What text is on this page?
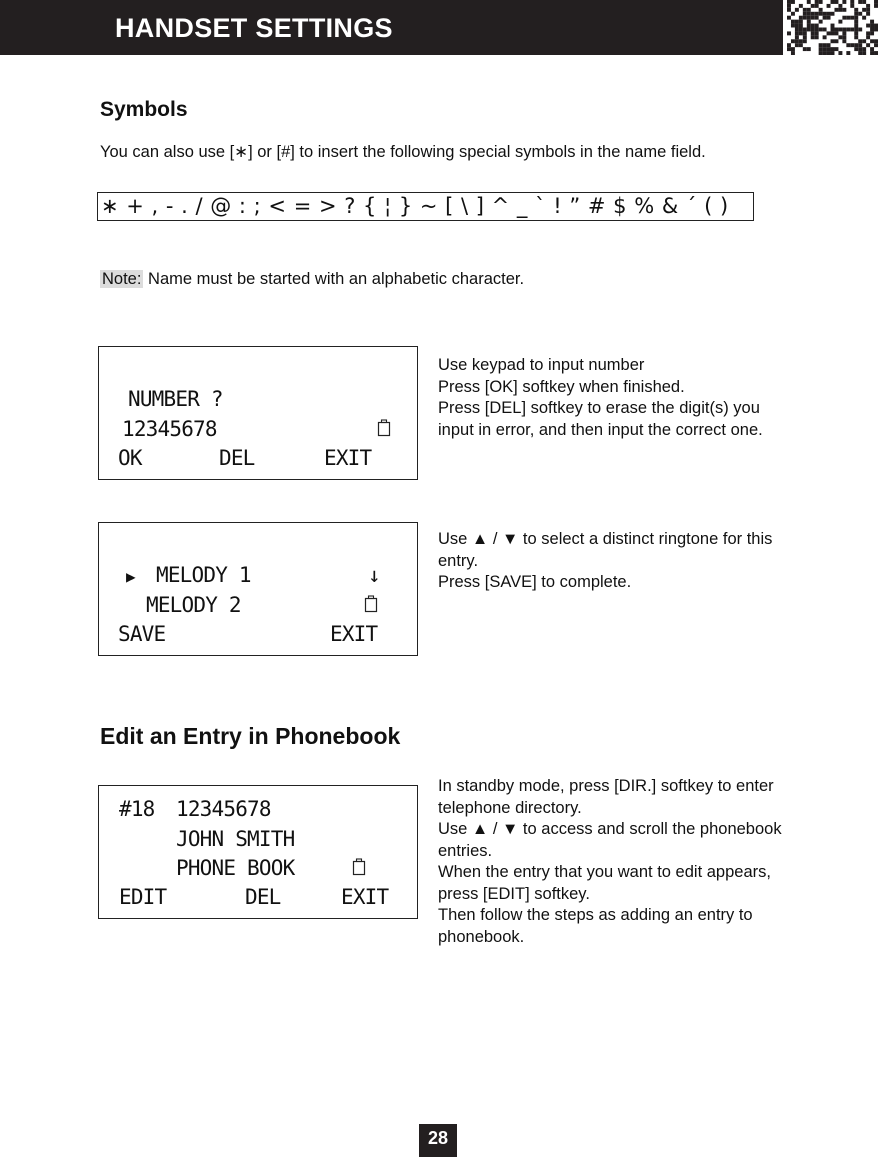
HANDSET SETTINGS
Symbols
You can also use [∗] or [#] to insert the following special symbols in the name field.
∗ + , - . / @ : ; < = > ? { ¦ } ~ [ \ ] ^ _ ` ! ” # $ % & ´ ( )
Note: Name must be started with an alphabetic character.
NUMBER ?
12345678
OK	DEL	EXIT

Use keypad to input number

Press [OK] softkey when finished.

Press [DEL] softkey to erase the digit(s) you input in error, and then input the correct one.

▶ MELODY 1	↓
MELODY 2
SAVE	EXIT

Use ▲ / ▼ to select a distinct ringtone for this entry.

Press [SAVE] to complete.

Edit an Entry in Phonebook
#18 12345678
JOHN SMITH
PHONE BOOK
EDIT	DEL	EXIT

In standby mode, press [DIR.] softkey to enter telephone directory.

Use ▲ / ▼ to access and scroll the phonebook entries.

When the entry that you want to edit appears, press [EDIT] softkey.

Then follow the steps as adding an entry to phonebook.

28
